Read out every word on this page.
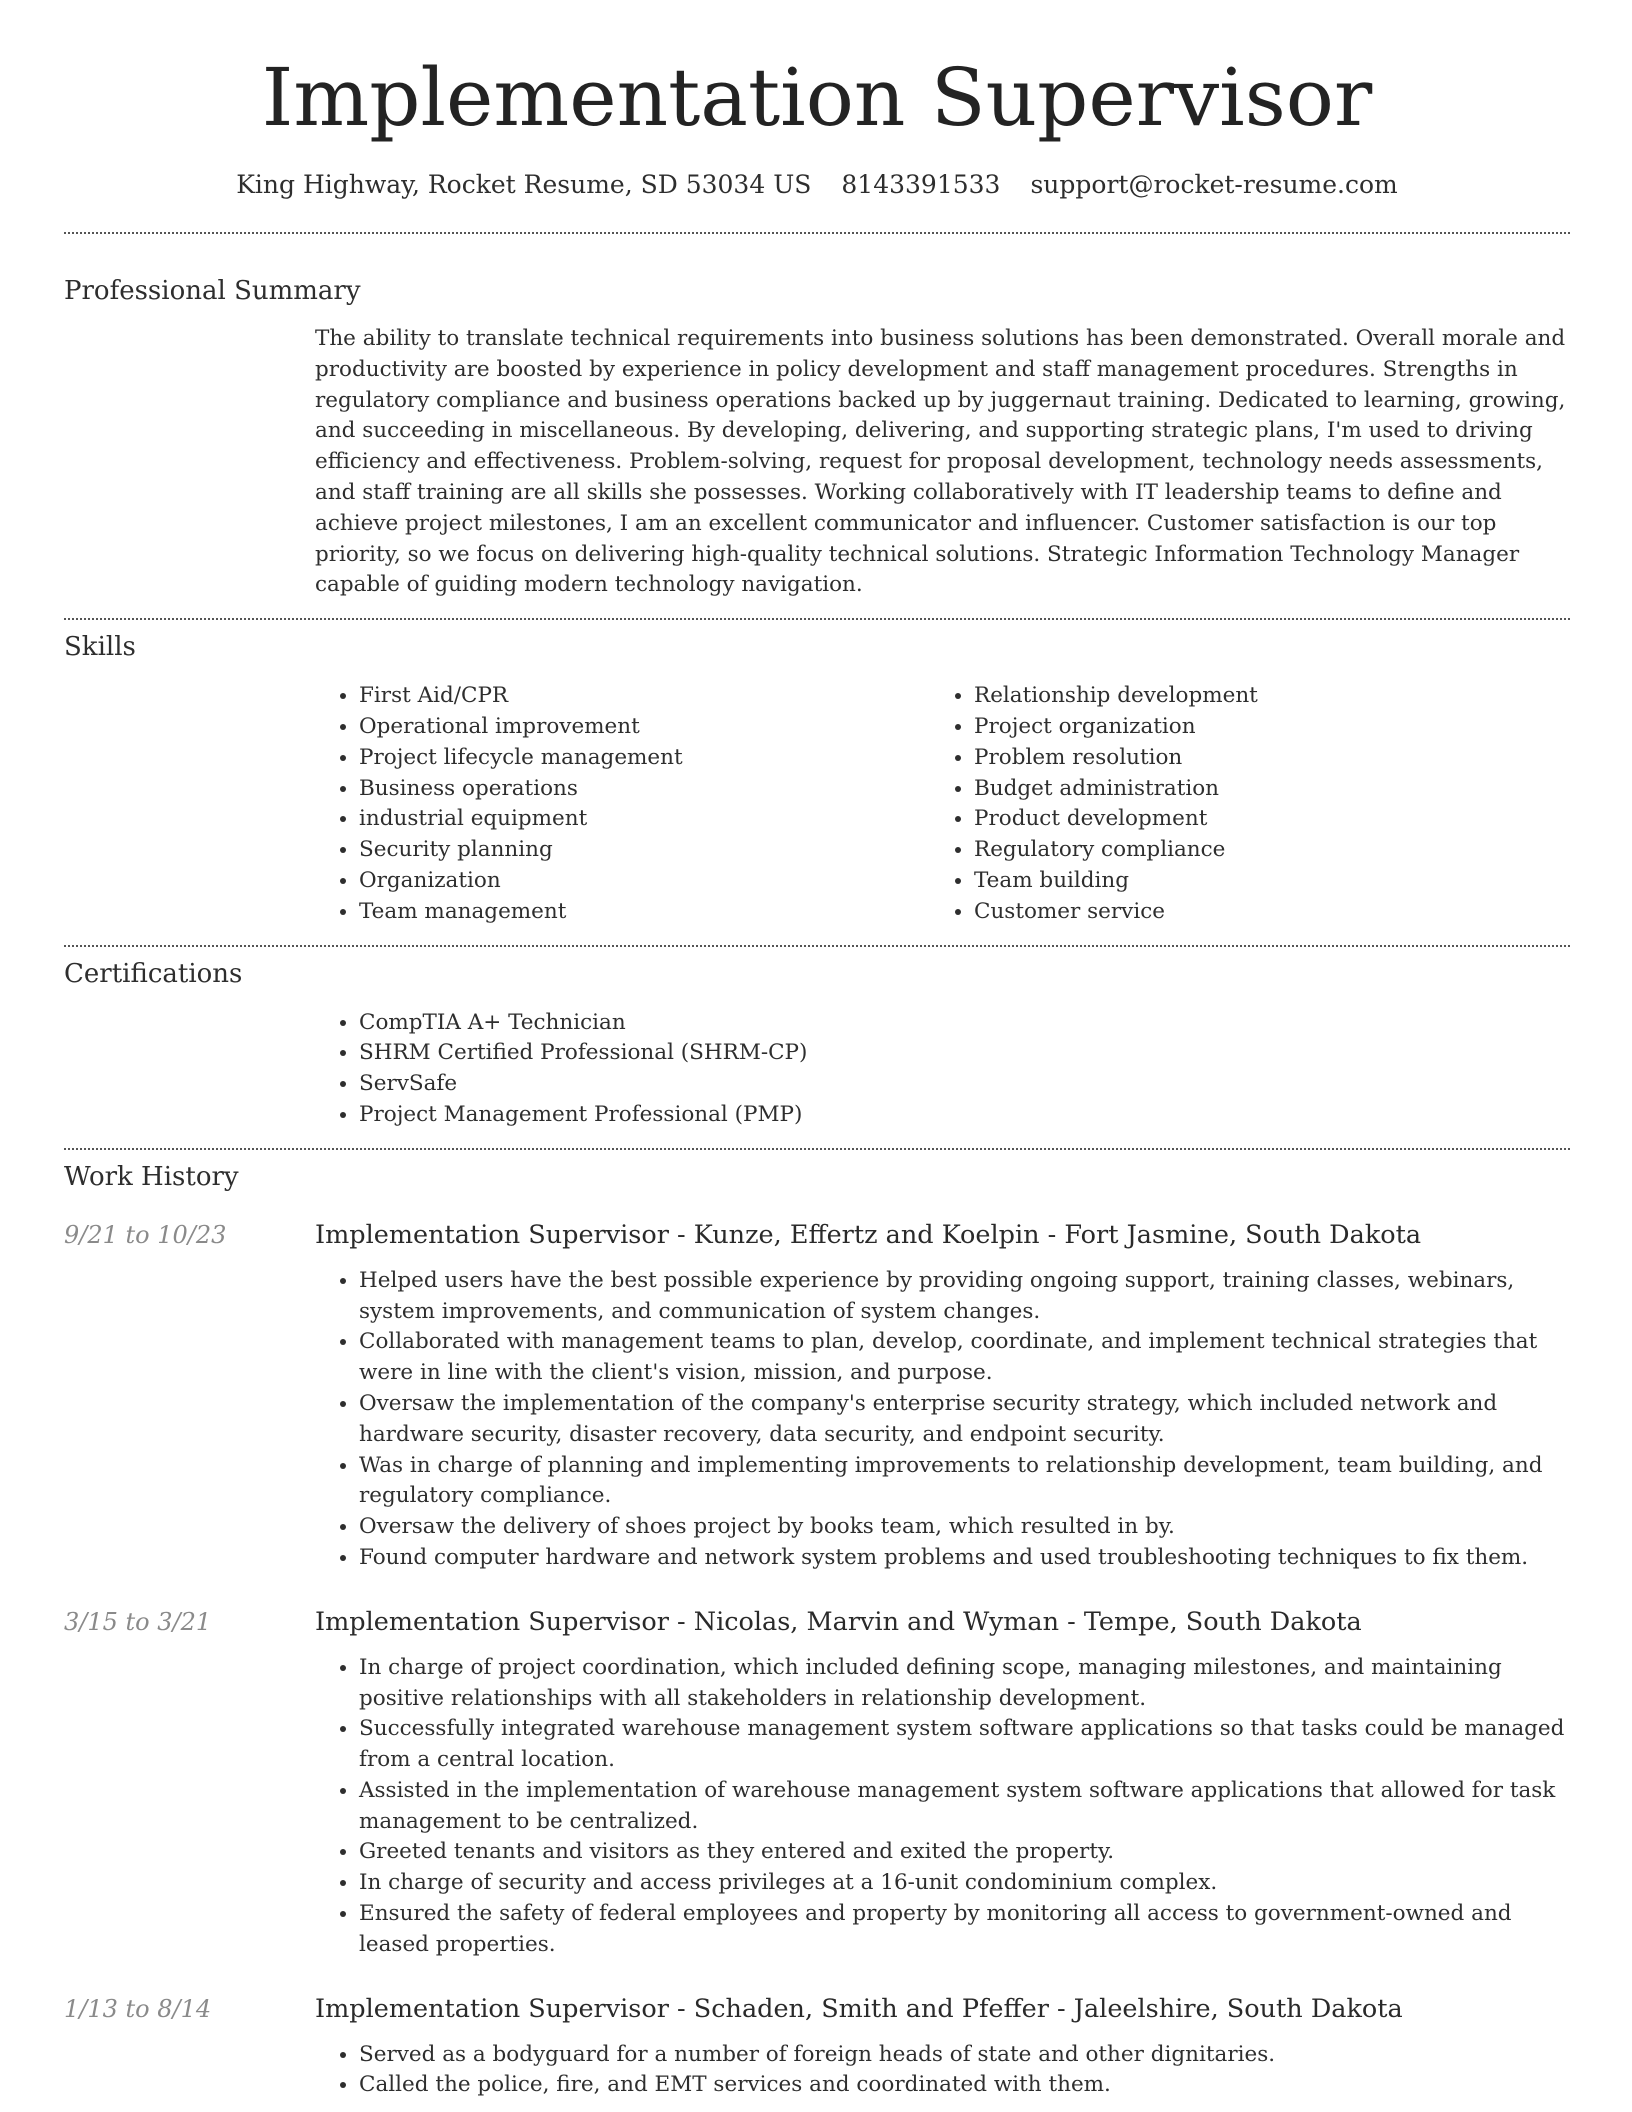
Implementation Supervisor
King Highway, Rocket Resume, SD 53034 US 8143391533 support@rocket-resume.com
Professional Summary

The ability to translate technical requirements into business solutions has been demonstrated. Overall morale and productivity are boosted by experience in policy development and staff management procedures. Strengths in regulatory compliance and business operations backed up by juggernaut training. Dedicated to learning, growing, and succeeding in miscellaneous. By developing, delivering, and supporting strategic plans, I'm used to driving efficiency and effectiveness. Problem-solving, request for proposal development, technology needs assessments, and staff training are all skills she possesses. Working collaboratively with IT leadership teams to define and achieve project milestones, I am an excellent communicator and influencer. Customer satisfaction is our top priority, so we focus on delivering high-quality technical solutions. Strategic Information Technology Manager capable of guiding modern technology navigation.

Skills
• First Aid/CPR
• Operational improvement
• Project lifecycle management
• Business operations
• industrial equipment
• Security planning
• Organization
• Team management
• Relationship development
• Project organization
• Problem resolution
• Budget administration
• Product development
• Regulatory compliance
• Team building
• Customer service
Certifications
• CompTIA A+ Technician
• SHRM Certified Professional (SHRM-CP)
• ServSafe
• Project Management Professional (PMP)
Work History
9/21 to 10/23	Implementation Supervisor - Kunze, Effertz and Koelpin - Fort Jasmine, South Dakota
• Helped users have the best possible experience by providing ongoing support, training classes, webinars, system improvements, and communication of system changes.
• Collaborated with management teams to plan, develop, coordinate, and implement technical strategies that were in line with the client's vision, mission, and purpose.
• Oversaw the implementation of the company's enterprise security strategy, which included network and hardware security, disaster recovery, data security, and endpoint security.
• Was in charge of planning and implementing improvements to relationship development, team building, and regulatory compliance.
• Oversaw the delivery of shoes project by books team, which resulted in by.
• Found computer hardware and network system problems and used troubleshooting techniques to fix them.
3/15 to 3/21	Implementation Supervisor - Nicolas, Marvin and Wyman - Tempe, South Dakota
• In charge of project coordination, which included defining scope, managing milestones, and maintaining positive relationships with all stakeholders in relationship development.
• Successfully integrated warehouse management system software applications so that tasks could be managed from a central location.
• Assisted in the implementation of warehouse management system software applications that allowed for task management to be centralized.
• Greeted tenants and visitors as they entered and exited the property.
• In charge of security and access privileges at a 16-unit condominium complex.
• Ensured the safety of federal employees and property by monitoring all access to government-owned and leased properties.
1/13 to 8/14	Implementation Supervisor - Schaden, Smith and Pfeffer - Jaleelshire, South Dakota
• Served as a bodyguard for a number of foreign heads of state and other dignitaries.
• Called the police, fire, and EMT services and coordinated with them.
